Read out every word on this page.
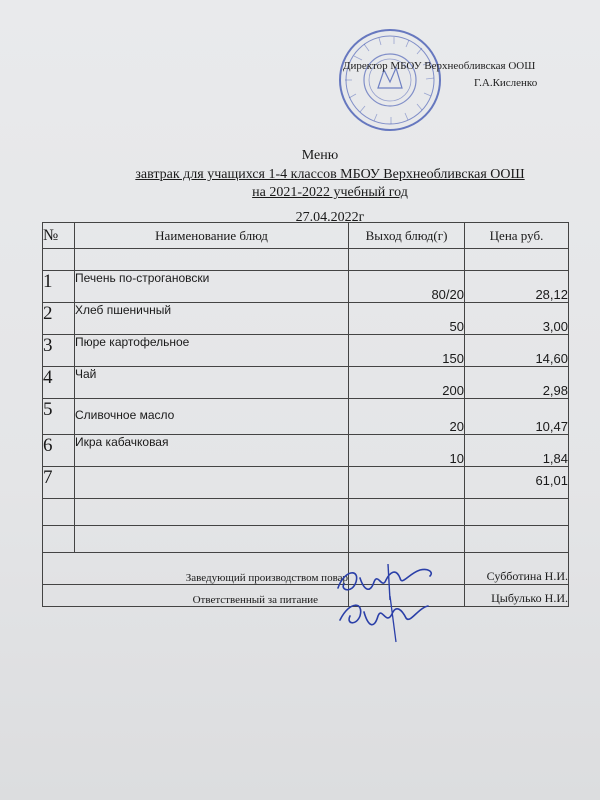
Директор МБОУ Верхнеобливская ООШ
Г.А.Кисленко
Меню
завтрак для учащихся 1-4 классов МБОУ Верхнеобливская ООШ
на 2021-2022 учебный год
27.04.2022г
№	Наименование блюд	Выход блюд(г)	Цена руб.

1	Печень по-строгановски	80/20	28,12
2	Хлеб пшеничный	50	3,00
3	Пюре картофельное	150	14,60
4	Чай	200	2,98
5	Сливочное масло	20	10,47
6	Икра кабачковая	10	1,84
7			61,01

Заведующий производством повар			Субботина Н.И.
Ответственный за питание			Цыбулько Н.И.
